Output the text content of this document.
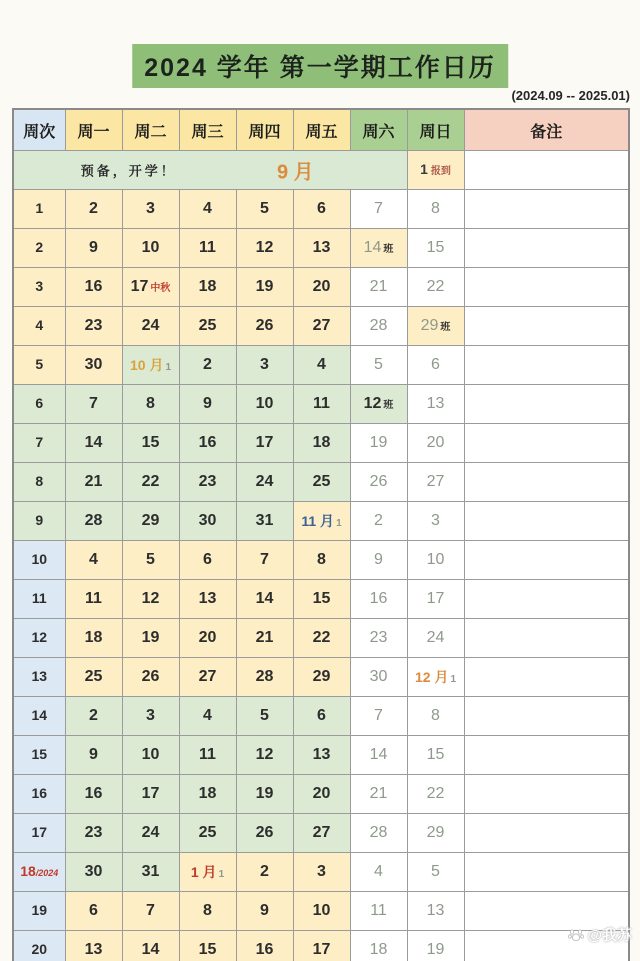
2024 学年 第一学期工作日历
(2024.09 -- 2025.01)
周次	周一	周二	周三	周四	周五	周六	周日	备注

预备，开学！ 9 月							1 报到	
1	2	3	4	5	6	7	8	
2	9	10	11	12	13	14 班	15	
3	16	17 中秋	18	19	20	21	22	
4	23	24	25	26	27	28	29 班	
5	30	10 月 1	2	3	4	5	6	
6	7	8	9	10	11	12 班	13	
7	14	15	16	17	18	19	20	
8	21	22	23	24	25	26	27	
9	28	29	30	31	11 月 1	2	3	
10	4	5	6	7	8	9	10	
11	11	12	13	14	15	16	17	
12	18	19	20	21	22	23	24	
13	25	26	27	28	29	30	12 月 1	
14	2	3	4	5	6	7	8	
15	9	10	11	12	13	14	15	
16	16	17	18	19	20	21	22	
17	23	24	25	26	27	28	29	
18/2024	30	31	1 月 1	2	3	4	5	
19	6	7	8	9	10	11	13	
20	13	14	15	16	17	18	19	
@我苏
